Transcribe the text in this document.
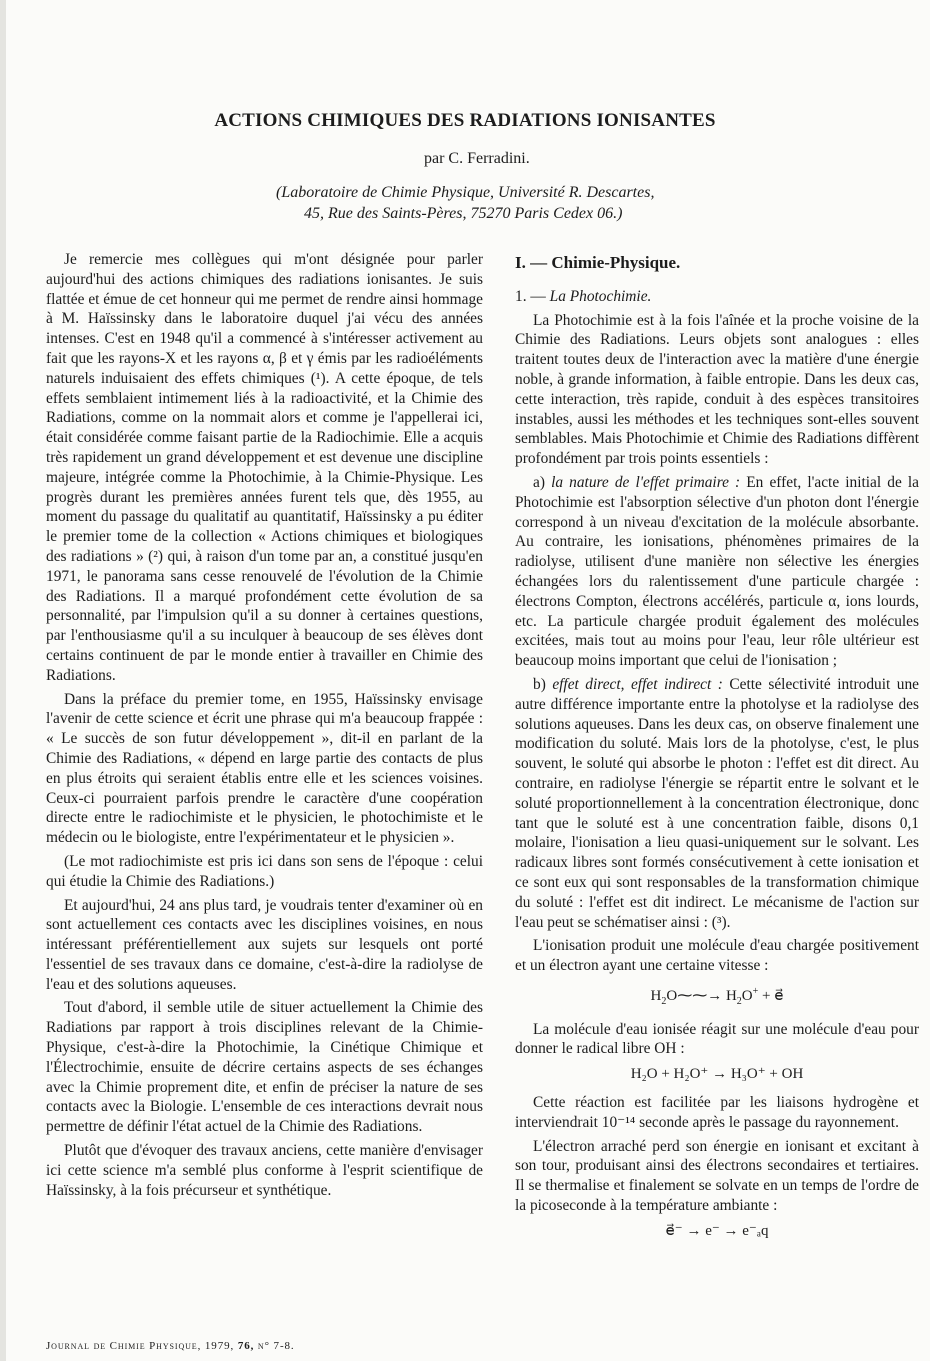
ACTIONS CHIMIQUES DES RADIATIONS IONISANTES
par C. Ferradini.
(Laboratoire de Chimie Physique, Université R. Descartes,
45, Rue des Saints-Pères, 75270 Paris Cedex 06.)

Je remercie mes collègues qui m'ont désignée pour parler aujourd'hui des actions chimiques des radiations ionisantes. Je suis flattée et émue de cet honneur qui me permet de rendre ainsi hommage à M. Haïssinsky dans le laboratoire duquel j'ai vécu des années intenses. C'est en 1948 qu'il a commencé à s'intéresser activement au fait que les rayons-X et les rayons α, β et γ émis par les radioéléments naturels induisaient des effets chimiques (¹). A cette époque, de tels effets semblaient intimement liés à la radioactivité, et la Chimie des Radiations, comme on la nommait alors et comme je l'appellerai ici, était considérée comme faisant partie de la Radiochimie. Elle a acquis très rapidement un grand développement et est devenue une discipline majeure, intégrée comme la Photochimie, à la Chimie-Physique. Les progrès durant les premières années furent tels que, dès 1955, au moment du passage du qualitatif au quantitatif, Haïssinsky a pu éditer le premier tome de la collection « Actions chimiques et biologiques des radiations » (²) qui, à raison d'un tome par an, a constitué jusqu'en 1971, le panorama sans cesse renouvelé de l'évolution de la Chimie des Radiations. Il a marqué profondément cette évolution de sa personnalité, par l'impulsion qu'il a su donner à certaines questions, par l'enthousiasme qu'il a su inculquer à beaucoup de ses élèves dont certains continuent de par le monde entier à travailler en Chimie des Radiations.

Dans la préface du premier tome, en 1955, Haïssinsky envisage l'avenir de cette science et écrit une phrase qui m'a beaucoup frappée : « Le succès de son futur développement », dit-il en parlant de la Chimie des Radiations, « dépend en large partie des contacts de plus en plus étroits qui seraient établis entre elle et les sciences voisines. Ceux-ci pourraient parfois prendre le caractère d'une coopération directe entre le radiochimiste et le physicien, le photochimiste et le médecin ou le biologiste, entre l'expérimentateur et le physicien ».

(Le mot radiochimiste est pris ici dans son sens de l'époque : celui qui étudie la Chimie des Radiations.)

Et aujourd'hui, 24 ans plus tard, je voudrais tenter d'examiner où en sont actuellement ces contacts avec les disciplines voisines, en nous intéressant préférentiellement aux sujets sur lesquels ont porté l'essentiel de ses travaux dans ce domaine, c'est-à-dire la radiolyse de l'eau et des solutions aqueuses.

Tout d'abord, il semble utile de situer actuellement la Chimie des Radiations par rapport à trois disciplines relevant de la Chimie-Physique, c'est-à-dire la Photochimie, la Cinétique Chimique et l'Électrochimie, ensuite de décrire certains aspects de ses échanges avec la Chimie proprement dite, et enfin de préciser la nature de ses contacts avec la Biologie. L'ensemble de ces interactions devrait nous permettre de définir l'état actuel de la Chimie des Radiations.

Plutôt que d'évoquer des travaux anciens, cette manière d'envisager ici cette science m'a semblé plus conforme à l'esprit scientifique de Haïssinsky, à la fois précurseur et synthétique.

I. — Chimie-Physique.

1. — La Photochimie.

La Photochimie est à la fois l'aînée et la proche voisine de la Chimie des Radiations. Leurs objets sont analogues : elles traitent toutes deux de l'interaction avec la matière d'une énergie noble, à grande information, à faible entropie. Dans les deux cas, cette interaction, très rapide, conduit à des espèces transitoires instables, aussi les méthodes et les techniques sont-elles souvent semblables. Mais Photochimie et Chimie des Radiations diffèrent profondément par trois points essentiels :

a) la nature de l'effet primaire : En effet, l'acte initial de la Photochimie est l'absorption sélective d'un photon dont l'énergie correspond à un niveau d'excitation de la molécule absorbante. Au contraire, les ionisations, phénomènes primaires de la radiolyse, utilisent d'une manière non sélective les énergies échangées lors du ralentissement d'une particule chargée : électrons Compton, électrons accélérés, particule α, ions lourds, etc. La particule chargée produit également des molécules excitées, mais tout au moins pour l'eau, leur rôle ultérieur est beaucoup moins important que celui de l'ionisation ;

b) effet direct, effet indirect : Cette sélectivité introduit une autre différence importante entre la photolyse et la radiolyse des solutions aqueuses. Dans les deux cas, on observe finalement une modification du soluté. Mais lors de la photolyse, c'est, le plus souvent, le soluté qui absorbe le photon : l'effet est dit direct. Au contraire, en radiolyse l'énergie se répartit entre le solvant et le soluté proportionnellement à la concentration électronique, donc tant que le soluté est à une concentration faible, disons 0,1 molaire, l'ionisation a lieu quasi-uniquement sur le solvant. Les radicaux libres sont formés consécutivement à cette ionisation et ce sont eux qui sont responsables de la transformation chimique du soluté : l'effet est dit indirect. Le mécanisme de l'action sur l'eau peut se schématiser ainsi : (³).

L'ionisation produit une molécule d'eau chargée positivement et un électron ayant une certaine vitesse :

$H_2O⁓⁓\to H_2O^+$ + e⃗

La molécule d'eau ionisée réagit sur une molécule d'eau pour donner le radical libre OH :

H₂O + H₂O⁺ → H₃O⁺ + OH

Cette réaction est facilitée par les liaisons hydrogène et interviendrait 10⁻¹⁴ seconde après le passage du rayonnement.

L'électron arraché perd son énergie en ionisant et excitant à son tour, produisant ainsi des électrons secondaires et tertiaires. Il se thermalise et finalement se solvate en un temps de l'ordre de la picoseconde à la température ambiante :

e⃗⁻ → e⁻ → e⁻ₐq
Journal de Chimie Physique, 1979, 76, n° 7-8.
